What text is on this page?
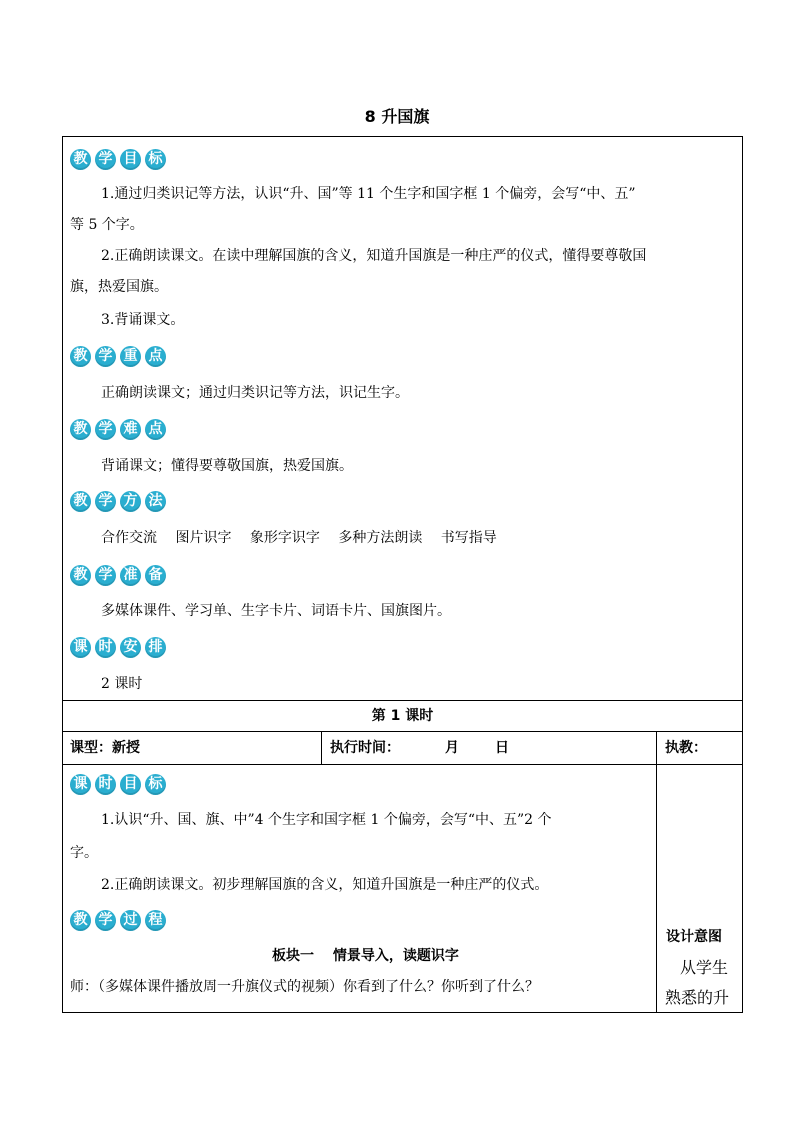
8 升国旗
教 学 目 标
1.通过归类识记等方法，认识“升、国”等 11 个生字和国字框 1 个偏旁，会写“中、五”
等 5 个字。
2.正确朗读课文。在读中理解国旗的含义，知道升国旗是一种庄严的仪式，懂得要尊敬国
旗，热爱国旗。
3.背诵课文。
教 学 重 点
正确朗读课文；通过归类识记等方法，识记生字。
教 学 难 点
背诵课文；懂得要尊敬国旗，热爱国旗。
教 学 方 法
合作交流　 图片识字　 象形字识字　 多种方法朗读　 书写指导
教 学 准 备
多媒体课件、学习单、生字卡片、词语卡片、国旗图片。
课 时 安 排
2 课时
第 1 课时
课型：新授	执行时间：	月	日	执教：
课 时 目 标
1.认识“升、国、旗、中”4 个生字和国字框 1 个偏旁，会写“中、五”2 个
字。
2.正确朗读课文。初步理解国旗的含义，知道升国旗是一种庄严的仪式。
教 学 过 程
板块一　 情景导入，读题识字
师：（多媒体课件播放周一升旗仪式的视频）你看到了什么？你听到了什么？
设计意图
从学生
熟悉的升
